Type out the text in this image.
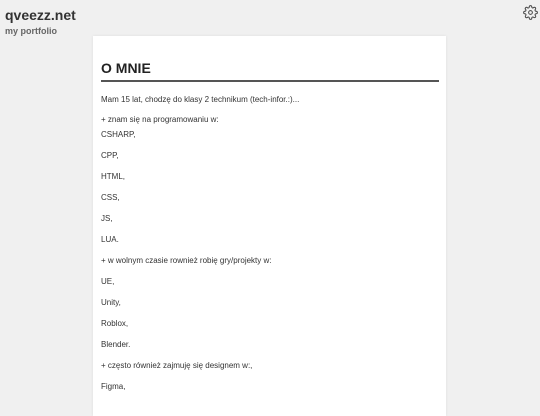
qveezz.net
my portfolio
O MNIE

Mam 15 lat, chodzę do klasy 2 technikum (tech-infor.:)...

+ znam się na programowaniu w:

CSHARP,

CPP,

HTML,

CSS,

JS,

LUA.

+ w wolnym czasie rownież robię gry/projekty w:

UE,

Unity,

Roblox,

Blender.

+ często również zajmuję się designem w:,

Figma,
